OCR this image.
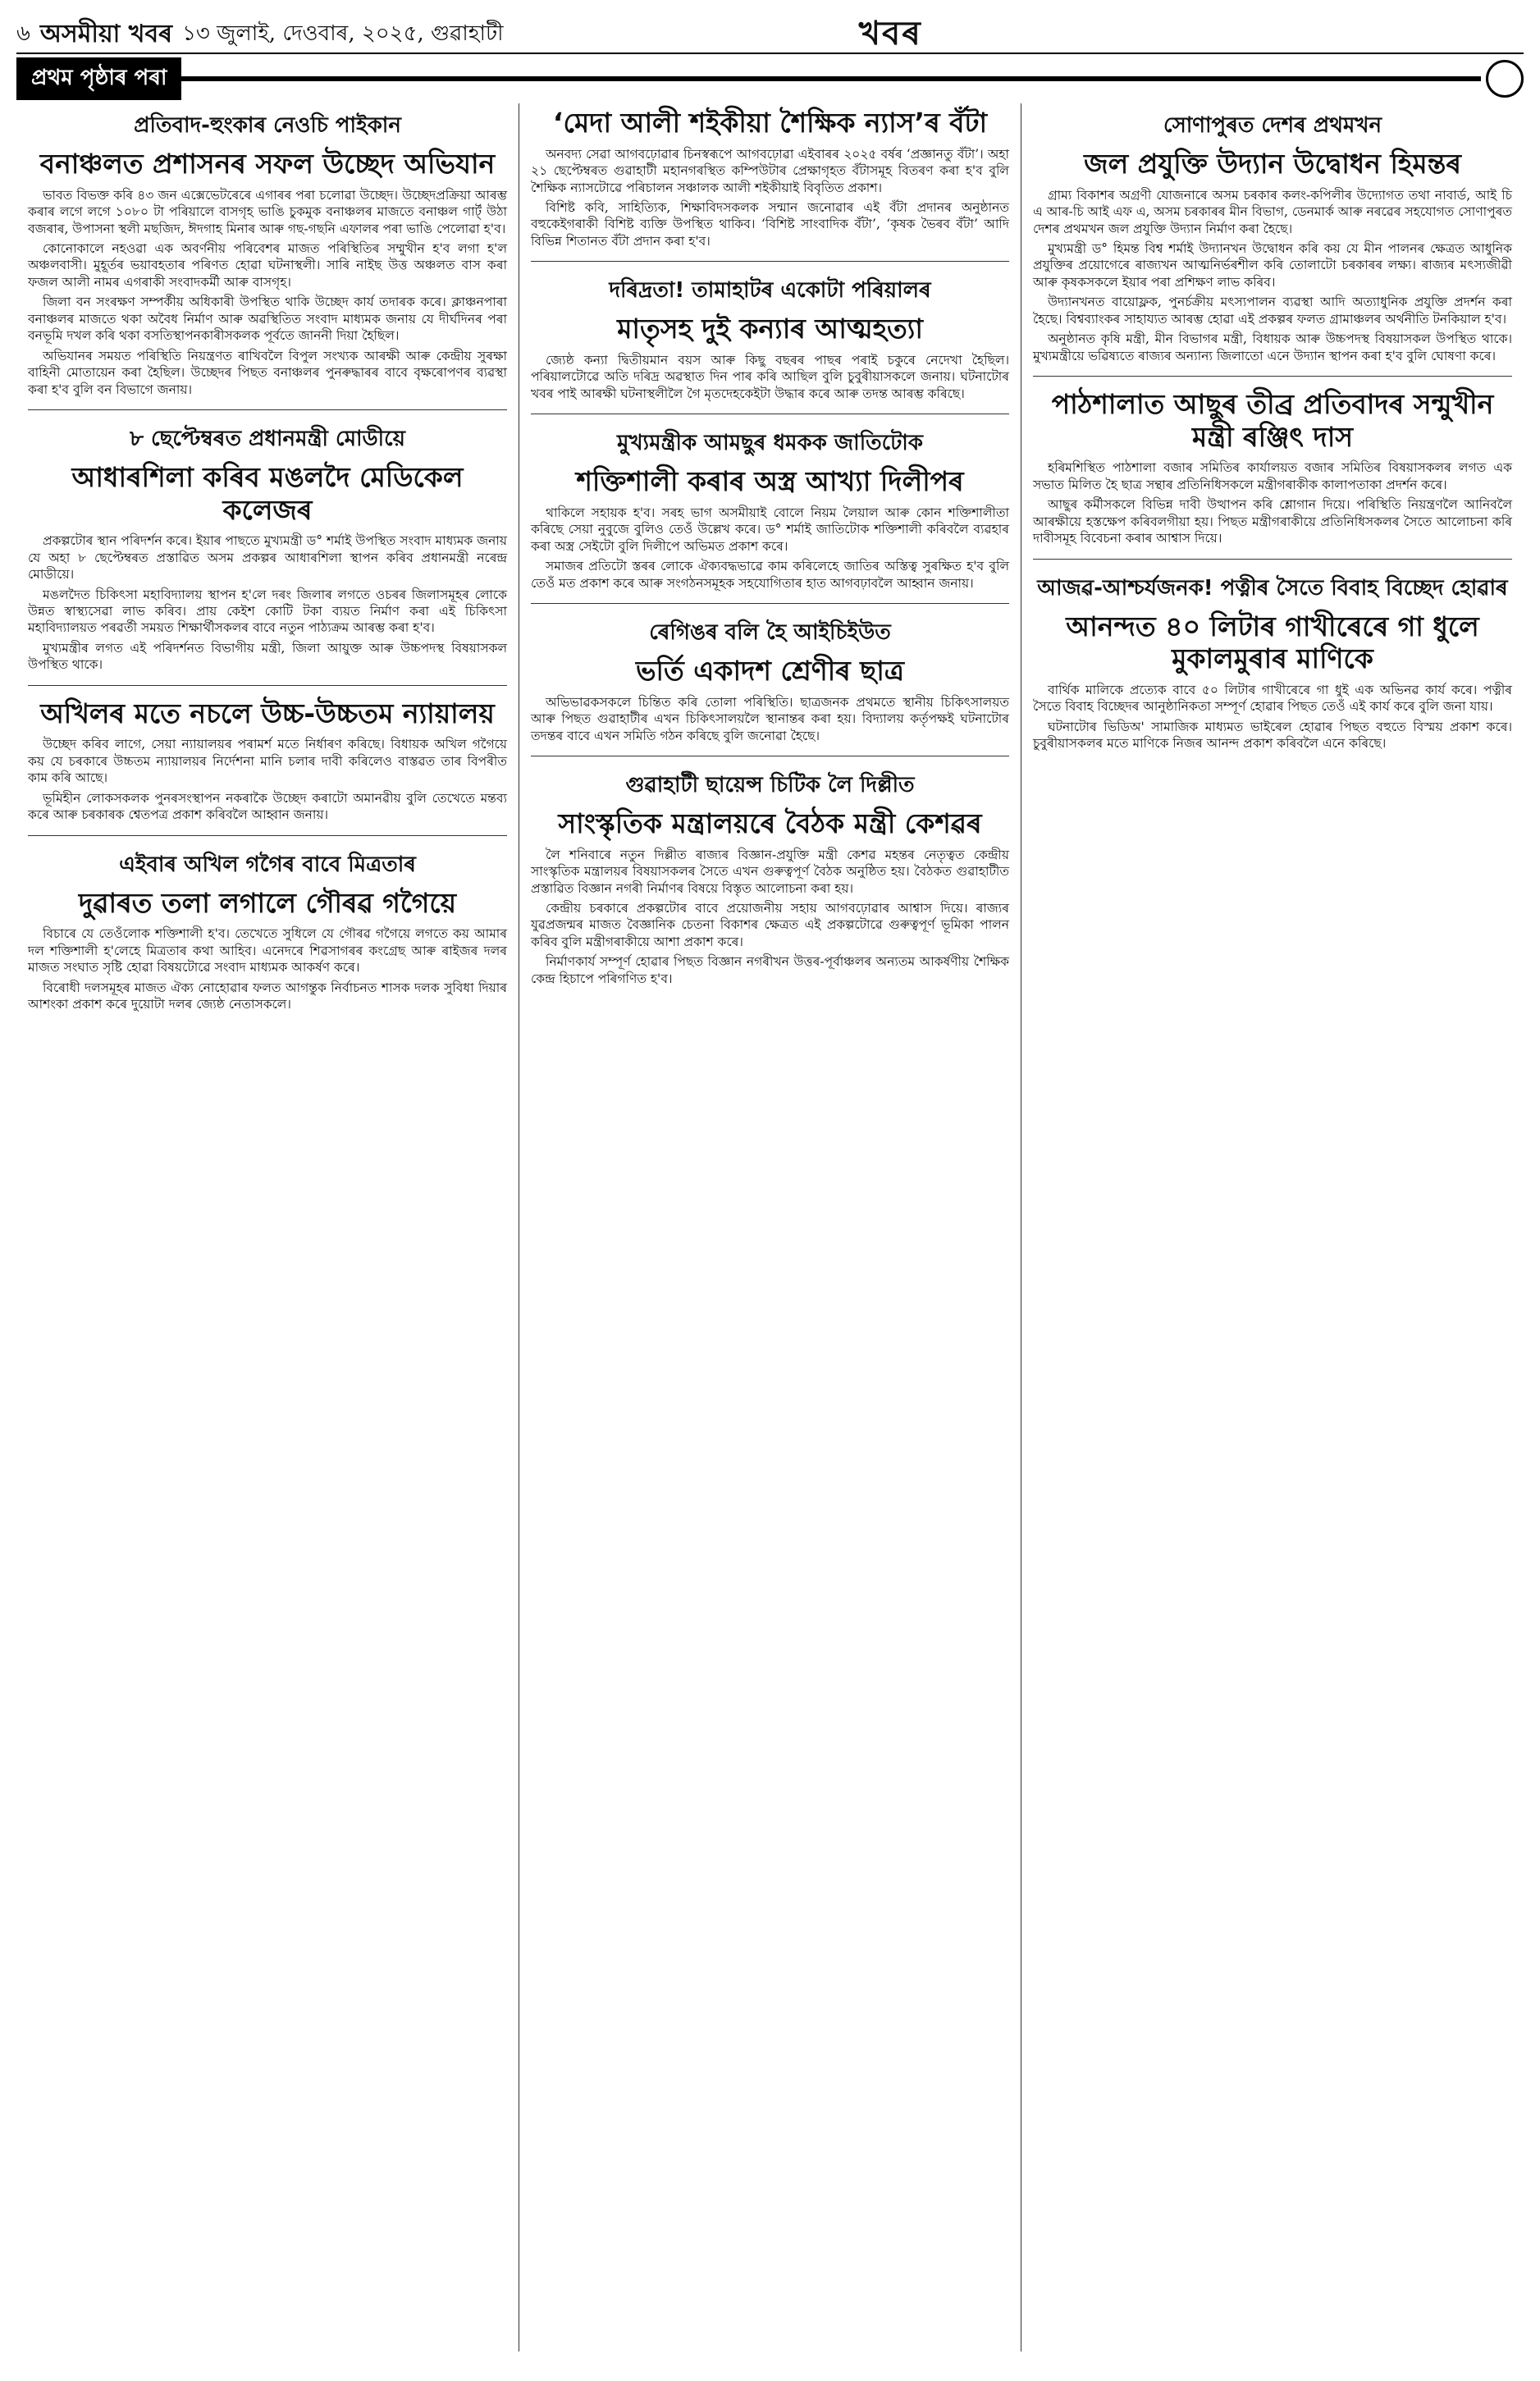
৬ অসমীয়া খবৰ ১৩ জুলাই, দেওবাৰ, ২০২৫, গুৱাহাটী	খবৰ
প্ৰথম পৃষ্ঠাৰ পৰা
প্ৰতিবাদ-হুংকাৰ নেওচি পাইকান
বনাঞ্চলত প্ৰশাসনৰ সফল উচ্ছেদ অভিযান

ভাবত বিভক্ত কৰি ৪৩ জন এক্সেভেটৰেৰে এগাৰৰ পৰা চলোৱা উচ্ছেদ। উচ্ছেদপ্ৰক্ৰিয়া আৰম্ভ কৰাৰ লগে লগে ১০৮০ টা পৰিয়ালে বাসগৃহ ভাঙি চুকমুক বনাঞ্চলৰ মাজতে বনাঞ্চল গাৰ্ট্ উঠা বজৰাৰ, উপাসনা স্থলী মছজিদ, ঈদগাহ মিনাৰ আৰু গছ-গছনি এফালৰ পৰা ভাঙি পেলোৱা হ'ব।

কোনোকালে নহওৱা এক অবৰ্ণনীয় পৰিবেশৰ মাজত পৰিস্থিতিৰ সম্মুখীন হ'ব লগা হ'ল অঞ্চলবাসী। মুহূৰ্তৰ ভয়াবহতাৰ পৰিণত হোৱা ঘটনাস্থলী। সাৰি নাইছ উত্ত অঞ্চলত বাস কৰা ফজল আলী নামৰ এগৰাকী সংবাদকৰ্মী আৰু বাসগৃহ।

জিলা বন সংৰক্ষণ সম্পৰ্কীয় অধিকাৰী উপস্থিত থাকি উচ্ছেদ কাৰ্য তদাৰক কৰে। ক্লাঞ্চনপাৰা বনাঞ্চলৰ মাজতে থকা অবৈধ নিৰ্মাণ আৰু অৱস্থিতিত সংবাদ মাধ্যমক জনায় যে দীৰ্ঘদিনৰ পৰা বনভূমি দখল কৰি থকা বসতিস্থাপনকাৰীসকলক পূৰ্বতে জাননী দিয়া হৈছিল।

অভিযানৰ সময়ত পৰিস্থিতি নিয়ন্ত্ৰণত ৰাখিবলৈ বিপুল সংখ্যক আৰক্ষী আৰু কেন্দ্ৰীয় সুৰক্ষা বাহিনী মোতায়েন কৰা হৈছিল। উচ্ছেদৰ পিছত বনাঞ্চলৰ পুনৰুদ্ধাৰৰ বাবে বৃক্ষৰোপণৰ ব্যৱস্থা কৰা হ'ব বুলি বন বিভাগে জনায়।

৮ ছেপ্টেম্বৰত প্ৰধানমন্ত্ৰী মোডীয়ে
আধাৰশিলা কৰিব মঙলদৈ মেডিকেল কলেজৰ

প্ৰকল্পটোৰ স্থান পৰিদৰ্শন কৰে। ইয়াৰ পাছতে মুখ্যমন্ত্ৰী ড° শৰ্মাই উপস্থিত সংবাদ মাধ্যমক জনায় যে অহা ৮ ছেপ্টেম্বৰত প্ৰস্তাৱিত অসম প্ৰকল্পৰ আধাৰশিলা স্থাপন কৰিব প্ৰধানমন্ত্ৰী নৰেন্দ্ৰ মোডীয়ে।

মঙলদৈত চিকিৎসা মহাবিদ্যালয় স্থাপন হ'লে দৰং জিলাৰ লগতে ওচৰৰ জিলাসমূহৰ লোকে উন্নত স্বাস্থ্যসেৱা লাভ কৰিব। প্ৰায় কেইশ কোটি টকা ব্যয়ত নিৰ্মাণ কৰা এই চিকিৎসা মহাবিদ্যালয়ত পৰৱৰ্তী সময়ত শিক্ষাৰ্থীসকলৰ বাবে নতুন পাঠ্যক্ৰম আৰম্ভ কৰা হ'ব।

মুখ্যমন্ত্ৰীৰ লগত এই পৰিদৰ্শনত বিভাগীয় মন্ত্ৰী, জিলা আয়ুক্ত আৰু উচ্চপদস্থ বিষয়াসকল উপস্থিত থাকে।

অখিলৰ মতে নচলে উচ্চ-উচ্চতম ন্যায়ালয়

উচ্ছেদ কৰিব লাগে, সেয়া ন্যায়ালয়ৰ পৰামৰ্শ মতে নিৰ্ধাৰণ কৰিছে। বিধায়ক অখিল গগৈয়ে কয় যে চৰকাৰে উচ্চতম ন্যায়ালয়ৰ নিৰ্দেশনা মানি চলাৰ দাবী কৰিলেও বাস্তৱত তাৰ বিপৰীত কাম কৰি আছে।

ভূমিহীন লোকসকলক পুনৰসংস্থাপন নকৰাকৈ উচ্ছেদ কৰাটো অমানৱীয় বুলি তেখেতে মন্তব্য কৰে আৰু চৰকাৰক শ্বেতপত্ৰ প্ৰকাশ কৰিবলৈ আহ্বান জনায়।

এইবাৰ অখিল গগৈৰ বাবে মিত্ৰতাৰ
দুৱাৰত তলা লগালে গৌৰৱ গগৈয়ে

বিচাৰে যে তেওঁলোক শক্তিশালী হ'ব। তেখেতে সুধিলে যে গৌৰৱ গগৈয়ে লগতে কয় আমাৰ দল শক্তিশালী হ'লেহে মিত্ৰতাৰ কথা আহিব। এনেদৰে শিৱসাগৰৰ কংগ্ৰেছ আৰু ৰাইজৰ দলৰ মাজত সংঘাত সৃষ্টি হোৱা বিষয়টোৱে সংবাদ মাধ্যমক আকৰ্ষণ কৰে।

বিৰোধী দলসমূহৰ মাজত ঐক্য নোহোৱাৰ ফলত আগন্তুক নিৰ্বাচনত শাসক দলক সুবিধা দিয়াৰ আশংকা প্ৰকাশ কৰে দুয়োটা দলৰ জ্যেষ্ঠ নেতাসকলে।

‘মেদা আলী শইকীয়া শৈক্ষিক ন্যাস’ৰ বঁটা

অনবদ্য সেৱা আগবঢ়োৱাৰ চিনস্বৰূপে আগবঢ়োৱা এইবাৰৰ ২০২৫ বৰ্ষৰ ‘প্ৰজ্ঞানতু বঁটা’। অহা ২১ ছেপ্টেম্বৰত গুৱাহাটী মহানগৰস্থিত কম্পিউটাৰ প্ৰেক্ষাগৃহত বঁটাসমূহ বিতৰণ কৰা হ'ব বুলি শৈক্ষিক ন্যাসটোৱে পৰিচালন সঞ্চালক আলী শইকীয়াই বিবৃতিত প্ৰকাশ।

বিশিষ্ট কবি, সাহিত্যিক, শিক্ষাবিদসকলক সন্মান জনোৱাৰ এই বঁটা প্ৰদানৰ অনুষ্ঠানত বহুকেইগৰাকী বিশিষ্ট ব্যক্তি উপস্থিত থাকিব। ‘বিশিষ্ট সাংবাদিক বঁটা’, ‘কৃষক ভৈৰব বঁটা’ আদি বিভিন্ন শিতানত বঁটা প্ৰদান কৰা হ'ব।

দৰিদ্ৰতা! তামাহাটৰ একোটা পৰিয়ালৰ
মাতৃসহ দুই কন্যাৰ আত্মহত্যা

জ্যেষ্ঠ কন্যা দ্বিতীয়মান বয়স আৰু কিছু বছৰৰ পাছৰ পৰাই চকুৰে নেদেখা হৈছিল। পৰিয়ালটোৱে অতি দৰিদ্ৰ অৱস্থাত দিন পাৰ কৰি আছিল বুলি চুবুৰীয়াসকলে জনায়। ঘটনাটোৰ খবৰ পাই আৰক্ষী ঘটনাস্থলীলৈ গৈ মৃতদেহকেইটা উদ্ধাৰ কৰে আৰু তদন্ত আৰম্ভ কৰিছে।

মুখ্যমন্ত্ৰীক আমছুৰ ধমকক জাতিটোক
শক্তিশালী কৰাৰ অস্ত্ৰ আখ্যা দিলীপৰ

থাকিলে সহায়ক হ'ব। সৰহ ভাগ অসমীয়াই বোলে নিয়ম লৈয়াল আৰু কোন শক্তিশালীতা কৰিছে সেয়া নুবুজে বুলিও তেওঁ উল্লেখ কৰে। ড° শৰ্মাই জাতিটোক শক্তিশালী কৰিবলৈ ব্যৱহাৰ কৰা অস্ত্ৰ সেইটো বুলি দিলীপে অভিমত প্ৰকাশ কৰে।

সমাজৰ প্ৰতিটো স্তৰৰ লোকে ঐক্যবদ্ধভাৱে কাম কৰিলেহে জাতিৰ অস্তিত্ব সুৰক্ষিত হ'ব বুলি তেওঁ মত প্ৰকাশ কৰে আৰু সংগঠনসমূহক সহযোগিতাৰ হাত আগবঢ়াবলৈ আহ্বান জনায়।

ৰেগিঙৰ বলি হৈ আইচিইউত
ভৰ্তি একাদশ শ্ৰেণীৰ ছাত্ৰ

অভিভাৱকসকলে চিন্তিত কৰি তোলা পৰিস্থিতি। ছাত্ৰজনক প্ৰথমতে স্থানীয় চিকিৎসালয়ত আৰু পিছত গুৱাহাটীৰ এখন চিকিৎসালয়লৈ স্থানান্তৰ কৰা হয়। বিদ্যালয় কৰ্তৃপক্ষই ঘটনাটোৰ তদন্তৰ বাবে এখন সমিতি গঠন কৰিছে বুলি জনোৱা হৈছে।

গুৱাহাটী ছায়েন্স চিটিক লৈ দিল্লীত
সাংস্কৃতিক মন্ত্ৰালয়ৰে বৈঠক মন্ত্ৰী কেশৱৰ

লৈ শনিবাৰে নতুন দিল্লীত ৰাজ্যৰ বিজ্ঞান-প্ৰযুক্তি মন্ত্ৰী কেশৱ মহন্তৰ নেতৃত্বত কেন্দ্ৰীয় সাংস্কৃতিক মন্ত্ৰালয়ৰ বিষয়াসকলৰ সৈতে এখন গুৰুত্বপূৰ্ণ বৈঠক অনুষ্ঠিত হয়। বৈঠকত গুৱাহাটীত প্ৰস্তাৱিত বিজ্ঞান নগৰী নিৰ্মাণৰ বিষয়ে বিস্তৃত আলোচনা কৰা হয়।

কেন্দ্ৰীয় চৰকাৰে প্ৰকল্পটোৰ বাবে প্ৰয়োজনীয় সহায় আগবঢ়োৱাৰ আশ্বাস দিয়ে। ৰাজ্যৰ যুৱপ্ৰজন্মৰ মাজত বৈজ্ঞানিক চেতনা বিকাশৰ ক্ষেত্ৰত এই প্ৰকল্পটোৱে গুৰুত্বপূৰ্ণ ভূমিকা পালন কৰিব বুলি মন্ত্ৰীগৰাকীয়ে আশা প্ৰকাশ কৰে।

নিৰ্মাণকাৰ্য সম্পূৰ্ণ হোৱাৰ পিছত বিজ্ঞান নগৰীখন উত্তৰ-পূৰ্বাঞ্চলৰ অন্যতম আকৰ্ষণীয় শৈক্ষিক কেন্দ্ৰ হিচাপে পৰিগণিত হ'ব।

সোণাপুৰত দেশৰ প্ৰথমখন
জল প্ৰযুক্তি উদ্যান উদ্বোধন হিমন্তৰ

গ্ৰাম্য বিকাশৰ অগ্ৰণী যোজনাৰে অসম চৰকাৰ কলং-কপিলীৰ উদ্যোগত তথা নাবাৰ্ড, আই চি এ আৰ-চি আই এফ এ, অসম চৰকাৰৰ মীন বিভাগ, ডেনমাৰ্ক আৰু নৰৱেৰ সহযোগত সোণাপুৰত দেশৰ প্ৰথমখন জল প্ৰযুক্তি উদ্যান নিৰ্মাণ কৰা হৈছে।

মুখ্যমন্ত্ৰী ড° হিমন্ত বিশ্ব শৰ্মাই উদ্যানখন উদ্বোধন কৰি কয় যে মীন পালনৰ ক্ষেত্ৰত আধুনিক প্ৰযুক্তিৰ প্ৰয়োগেৰে ৰাজ্যখন আত্মনিৰ্ভৰশীল কৰি তোলাটো চৰকাৰৰ লক্ষ্য। ৰাজ্যৰ মৎস্যজীৱী আৰু কৃষকসকলে ইয়াৰ পৰা প্ৰশিক্ষণ লাভ কৰিব।

উদ্যানখনত বায়োফ্লক, পুনৰ্চক্ৰীয় মৎস্যপালন ব্যৱস্থা আদি অত্যাধুনিক প্ৰযুক্তি প্ৰদৰ্শন কৰা হৈছে। বিশ্বব্যাংকৰ সাহায্যত আৰম্ভ হোৱা এই প্ৰকল্পৰ ফলত গ্ৰামাঞ্চলৰ অৰ্থনীতি টনকিয়াল হ'ব।

অনুষ্ঠানত কৃষি মন্ত্ৰী, মীন বিভাগৰ মন্ত্ৰী, বিধায়ক আৰু উচ্চপদস্থ বিষয়াসকল উপস্থিত থাকে। মুখ্যমন্ত্ৰীয়ে ভৱিষ্যতে ৰাজ্যৰ অন্যান্য জিলাতো এনে উদ্যান স্থাপন কৰা হ'ব বুলি ঘোষণা কৰে।

পাঠশালাত আছুৰ তীব্ৰ প্ৰতিবাদৰ সন্মুখীন মন্ত্ৰী ৰঞ্জিৎ দাস

হৰিমশিস্থিত পাঠশালা বজাৰ সমিতিৰ কাৰ্যালয়ত বজাৰ সমিতিৰ বিষয়াসকলৰ লগত এক সভাত মিলিত হৈ ছাত্ৰ সন্থাৰ প্ৰতিনিধিসকলে মন্ত্ৰীগৰাকীক কালাপতাকা প্ৰদৰ্শন কৰে।

আছুৰ কৰ্মীসকলে বিভিন্ন দাবী উত্থাপন কৰি শ্লোগান দিয়ে। পৰিস্থিতি নিয়ন্ত্ৰণলৈ আনিবলৈ আৰক্ষীয়ে হস্তক্ষেপ কৰিবলগীয়া হয়। পিছত মন্ত্ৰীগৰাকীয়ে প্ৰতিনিধিসকলৰ সৈতে আলোচনা কৰি দাবীসমূহ বিবেচনা কৰাৰ আশ্বাস দিয়ে।

আজৱ-আশ্চৰ্যজনক! পত্নীৰ সৈতে বিবাহ বিচ্ছেদ হোৱাৰ
আনন্দত ৪০ লিটাৰ গাখীৰেৰে গা ধুলে মুকালমুৰাৰ মাণিকে

বাৰ্থিক মালিকে প্ৰত্যেক বাবে ৫০ লিটাৰ গাখীৰেৰে গা ধুই এক অভিনৱ কাৰ্য কৰে। পত্নীৰ সৈতে বিবাহ বিচ্ছেদৰ আনুষ্ঠানিকতা সম্পূৰ্ণ হোৱাৰ পিছত তেওঁ এই কাৰ্য কৰে বুলি জনা যায়।

ঘটনাটোৰ ভিডিঅ' সামাজিক মাধ্যমত ভাইৰেল হোৱাৰ পিছত বহুতে বিস্ময় প্ৰকাশ কৰে। চুবুৰীয়াসকলৰ মতে মাণিকে নিজৰ আনন্দ প্ৰকাশ কৰিবলৈ এনে কৰিছে।
